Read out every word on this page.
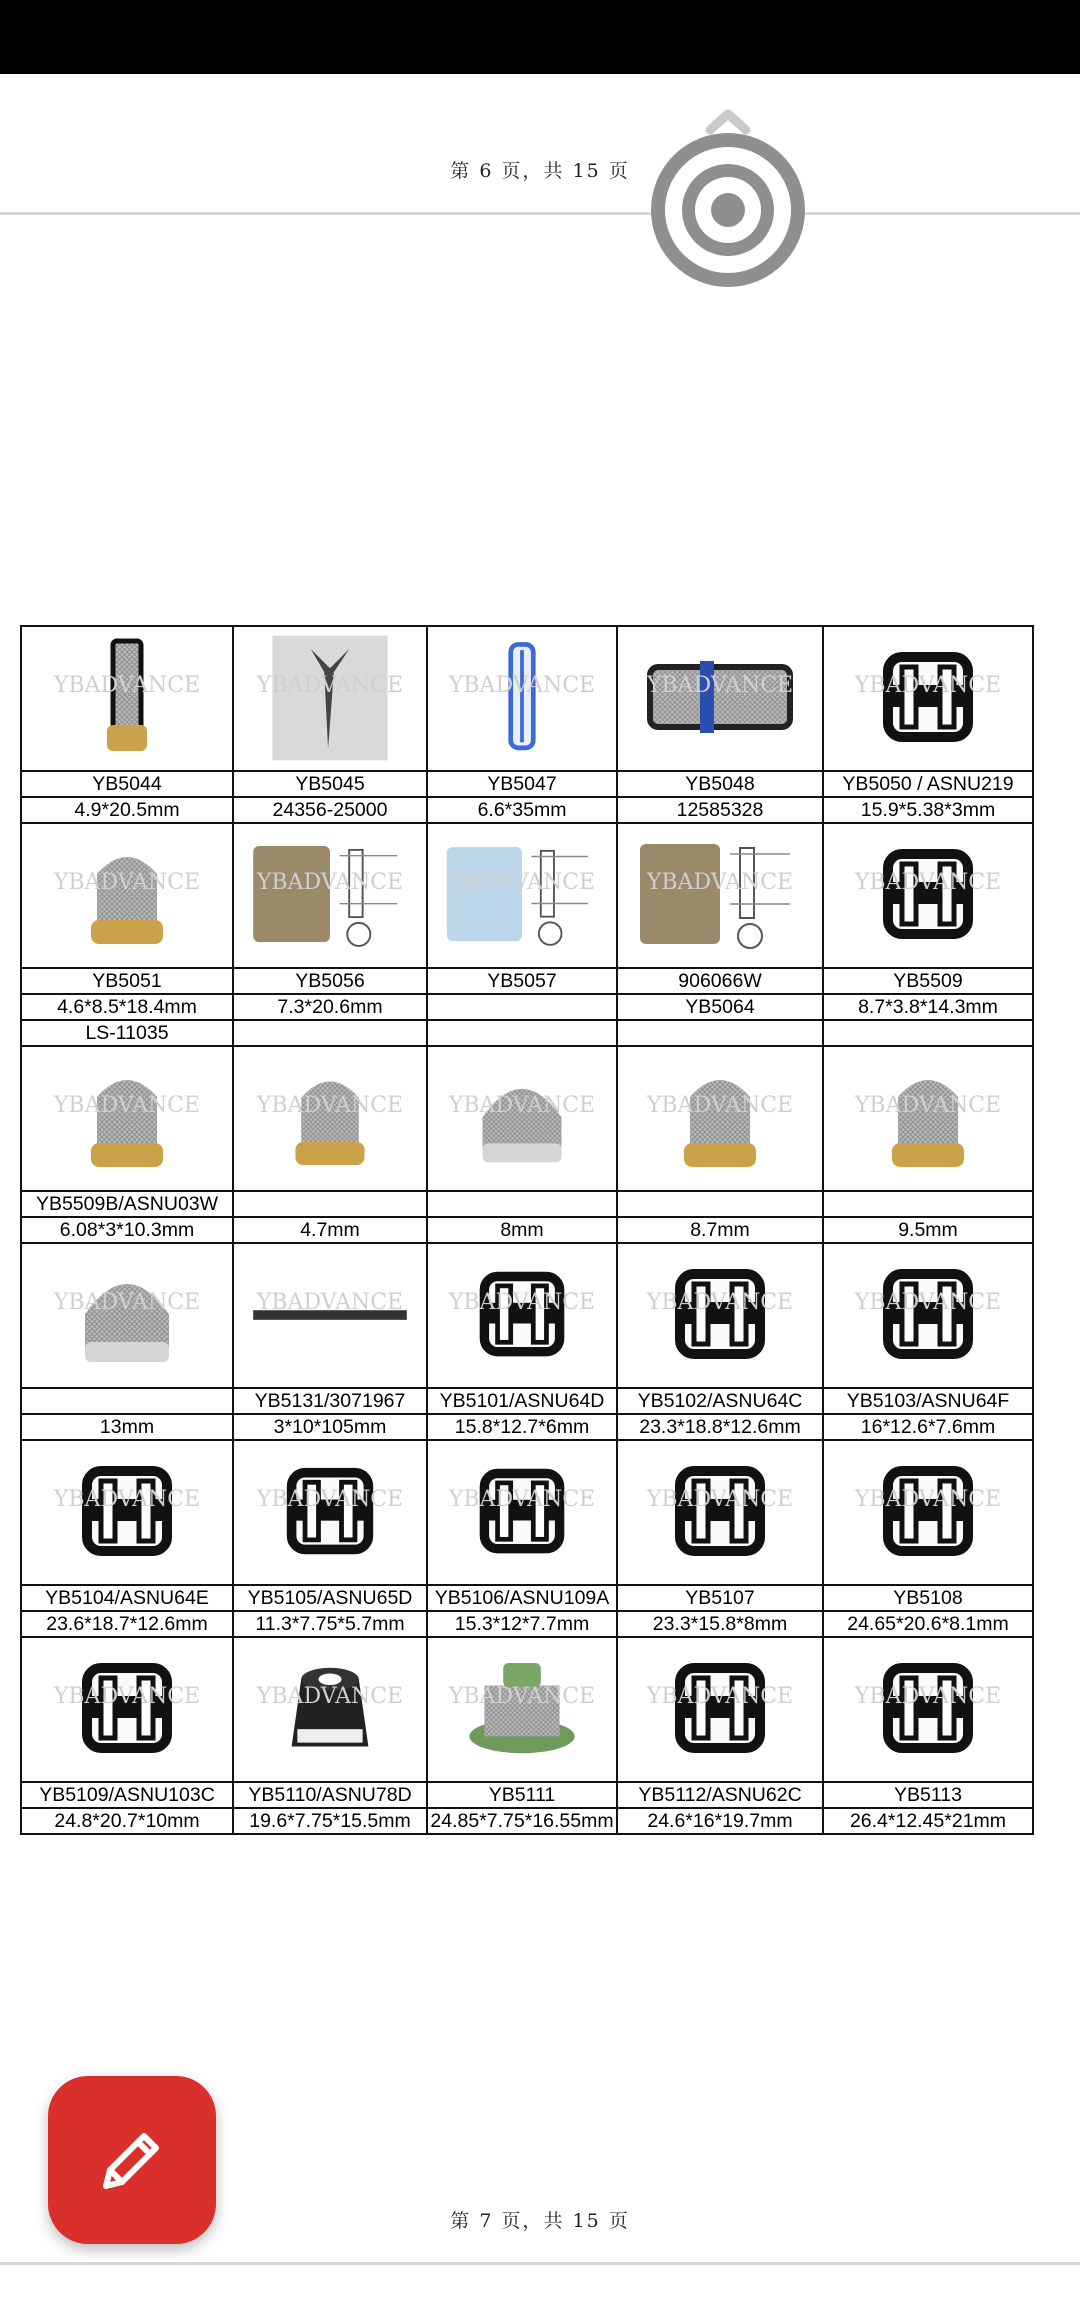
第 6 页，共 15 页
YBADVANCE	YBADVANCE	YBADVANCE	YBADVANCE	YBADVANCE

YB5044	YB5045	YB5047	YB5048	YB5050 / ASNU219
4.9*20.5mm	24356-25000	6.6*35mm	12585328	15.9*5.38*3mm

YBADVANCE	YBADVANCE	YBADVANCE	YBADVANCE	YBADVANCE

YB5051	YB5056	YB5057	906066W	YB5509
4.6*8.5*18.4mm	7.3*20.6mm		YB5064	8.7*3.8*14.3mm
LS-11035				

YBADVANCE	YBADVANCE	YBADVANCE	YBADVANCE	YBADVANCE

YB5509B/ASNU03W				
6.08*3*10.3mm	4.7mm	8mm	8.7mm	9.5mm

YBADVANCE	YBADVANCE	YBADVANCE	YBADVANCE	YBADVANCE

	YB5131/3071967	YB5101/ASNU64D	YB5102/ASNU64C	YB5103/ASNU64F
13mm	3*10*105mm	15.8*12.7*6mm	23.3*18.8*12.6mm	16*12.6*7.6mm

YBADVANCE	YBADVANCE	YBADVANCE	YBADVANCE	YBADVANCE

YB5104/ASNU64E	YB5105/ASNU65D	YB5106/ASNU109A	YB5107	YB5108
23.6*18.7*12.6mm	11.3*7.75*5.7mm	15.3*12*7.7mm	23.3*15.8*8mm	24.65*20.6*8.1mm

YBADVANCE	YBADVANCE	YBADVANCE	YBADVANCE	YBADVANCE

YB5109/ASNU103C	YB5110/ASNU78D	YB5111	YB5112/ASNU62C	YB5113
24.8*20.7*10mm	19.6*7.75*15.5mm	24.85*7.75*16.55mm	24.6*16*19.7mm	26.4*12.45*21mm
第 7 页，共 15 页
